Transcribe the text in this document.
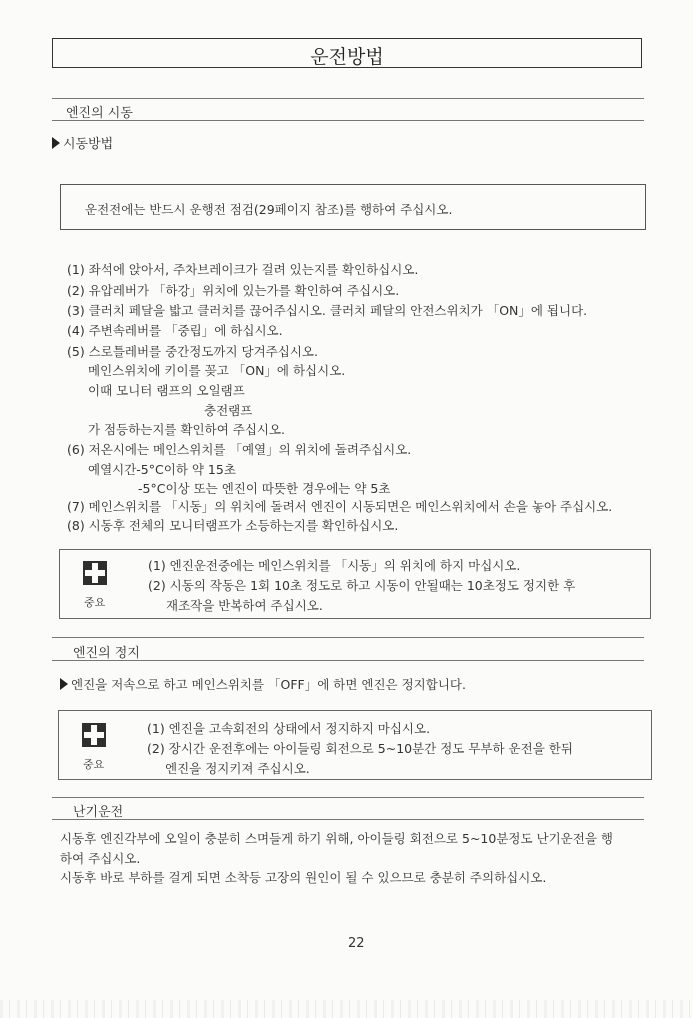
운전방법
엔진의 시동
시동방법
운전전에는 반드시 운행전 점검(29페이지 참조)를 행하여 주십시오.
(1) 좌석에 앉아서, 주차브레이크가 걸려 있는지를 확인하십시오.
(2) 유압레버가 「하강」위치에 있는가를 확인하여 주십시오.
(3) 클러치 페달을 밟고 클러치를 끊어주십시오. 클러치 페달의 안전스위치가 「ON」에 됩니다.
(4) 주변속레버를 「중립」에 하십시오.
(5) 스로틀레버를 중간정도까지 당겨주십시오.
메인스위치에 키이를 꽂고 「ON」에 하십시오.
이때 모니터 램프의 오일램프
충전램프
가 점등하는지를 확인하여 주십시오.
(6) 저온시에는 메인스위치를 「예열」의 위치에 돌려주십시오.
예열시간-5°C이하 약 15초
-5°C이상 또는 엔진이 따뜻한 경우에는 약 5초
(7) 메인스위치를 「시동」의 위치에 돌려서 엔진이 시동되면은 메인스위치에서 손을 놓아 주십시오.
(8) 시동후 전체의 모니터램프가 소등하는지를 확인하십시오.
중요
(1) 엔진운전중에는 메인스위치를 「시동」의 위치에 하지 마십시오.
(2) 시동의 작동은 1회 10초 정도로 하고 시동이 안될때는 10초정도 정지한 후
재조작을 반복하여 주십시오.
엔진의 정지
엔진을 저속으로 하고 메인스위치를 「OFF」에 하면 엔진은 정지합니다.
중요
(1) 엔진을 고속회전의 상태에서 정지하지 마십시오.
(2) 장시간 운전후에는 아이들링 회전으로 5~10분간 정도 무부하 운전을 한뒤
엔진을 정지키져 주십시오.
난기운전
시동후 엔진각부에 오일이 충분히 스며들게 하기 위해, 아이들링 회전으로 5~10분정도 난기운전을 행
하여 주십시오.
시동후 바로 부하를 걸게 되면 소착등 고장의 원인이 될 수 있으므로 충분히 주의하십시오.
22
